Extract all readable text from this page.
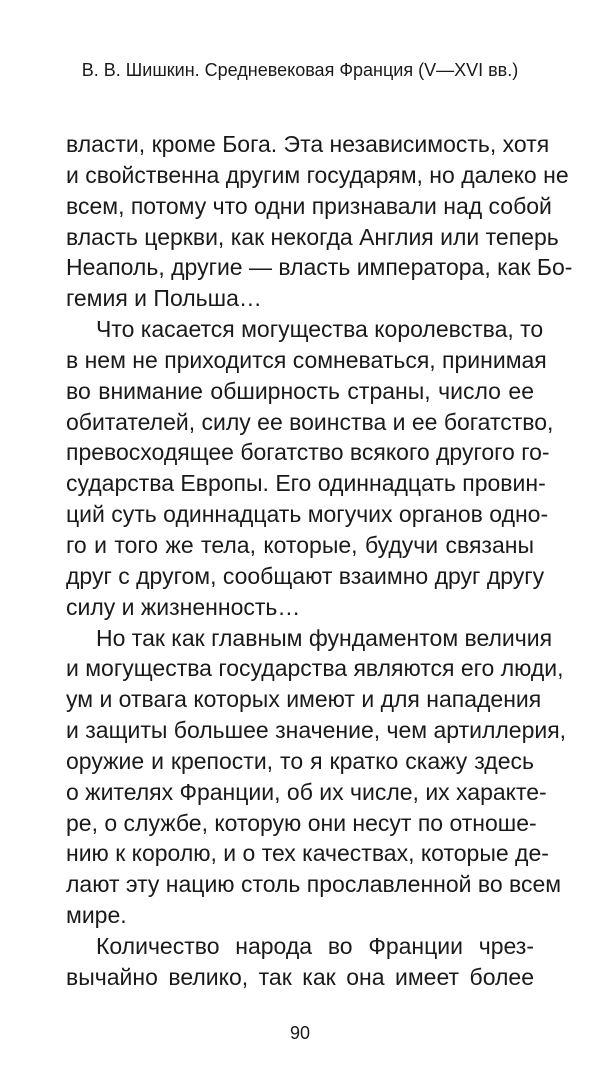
В. В. Шишкин. Средневековая Франция (V—XVI вв.)
власти, кроме Бога. Эта независимость, хотя
и свойственна другим государям, но далеко не
всем, потому что одни признавали над собой
власть церкви, как некогда Англия или теперь
Неаполь, другие — власть императора, как Бо-
гемия и Польша…
Что касается могущества королевства, то
в нем не приходится сомневаться, принимая
во внимание обширность страны, число ее
обитателей, силу ее воинства и ее богатство,
превосходящее богатство всякого другого го-
сударства Европы. Его одиннадцать провин-
ций суть одиннадцать могучих органов одно-
го и того же тела, которые, будучи связаны
друг с другом, сообщают взаимно друг другу
силу и жизненность…
Но так как главным фундаментом величия
и могущества государства являются его люди,
ум и отвага которых имеют и для нападения
и защиты большее значение, чем артиллерия,
оружие и крепости, то я кратко скажу здесь
о жителях Франции, об их числе, их характе-
ре, о службе, которую они несут по отноше-
нию к королю, и о тех качествах, которые де-
лают эту нацию столь прославленной во всем
мире.
Количество народа во Франции чрез-
вычайно велико, так как она имеет более
90
